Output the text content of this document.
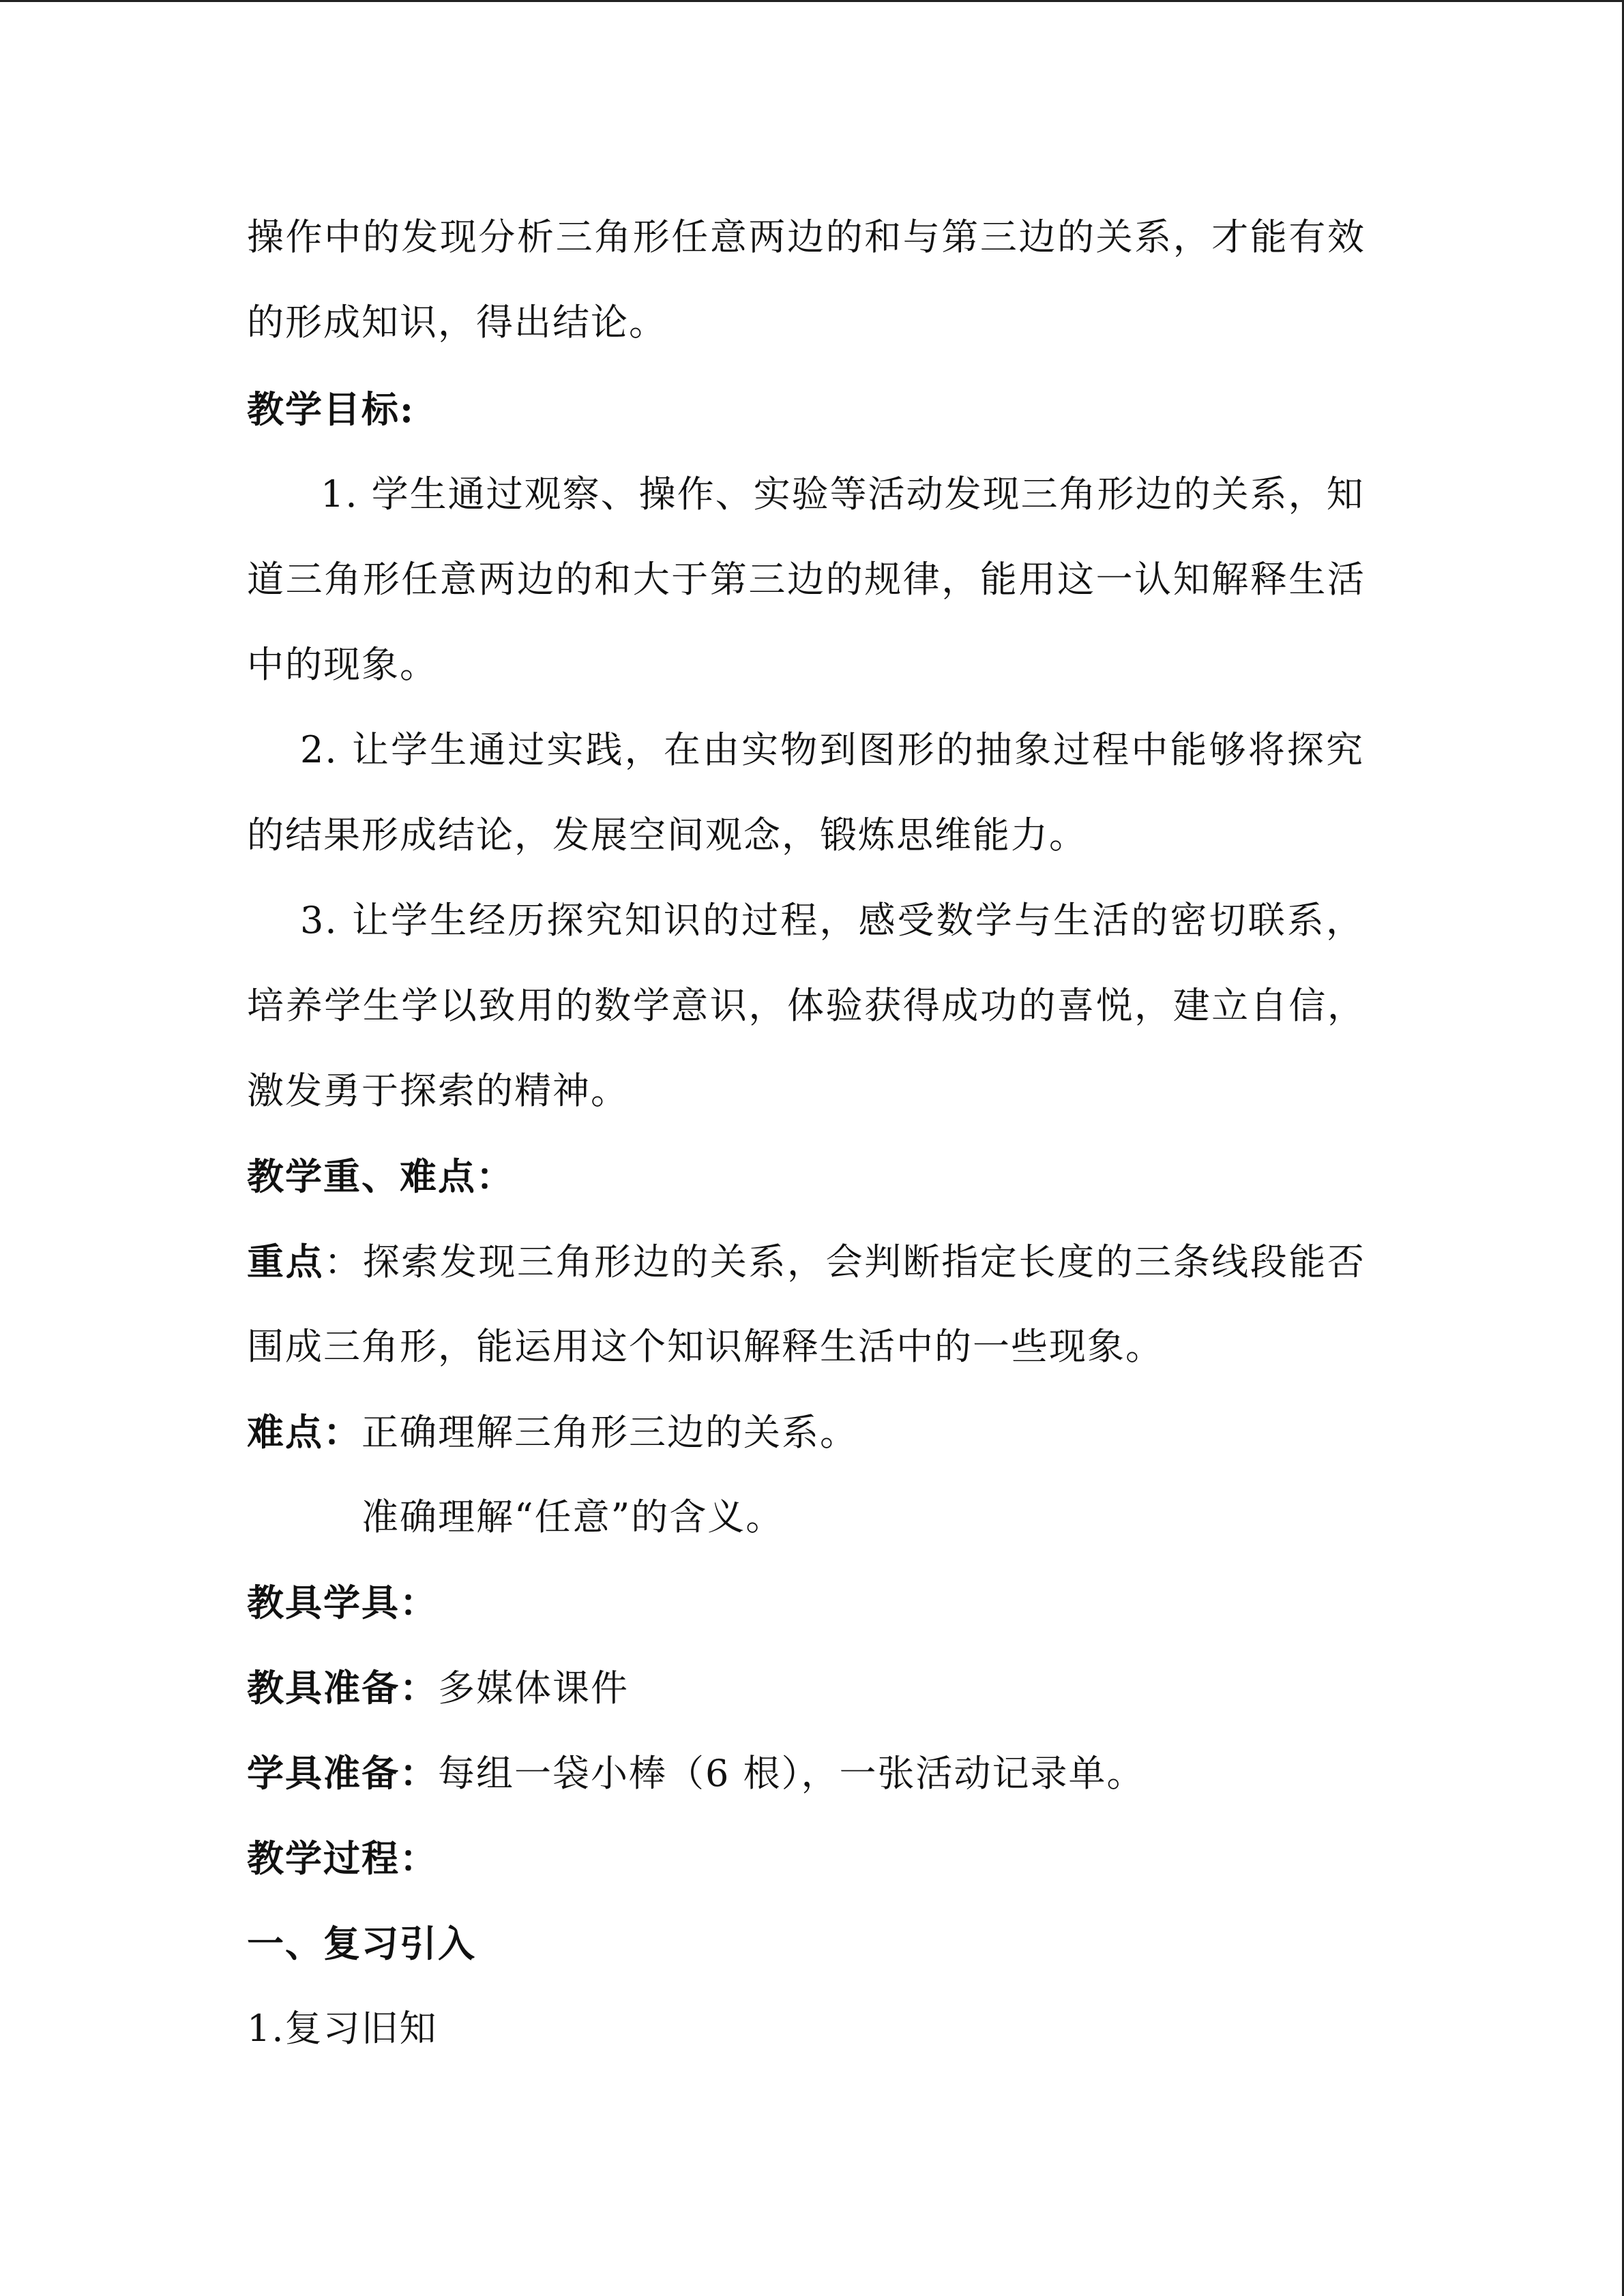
操作中的发现分析三角形任意两边的和与第三边的关系，才能有效
的形成知识，得出结论。
教学目标:
1. 学生通过观察、操作、实验等活动发现三角形边的关系，知
道三角形任意两边的和大于第三边的规律，能用这一认知解释生活
中的现象。
2. 让学生通过实践，在由实物到图形的抽象过程中能够将探究
的结果形成结论，发展空间观念，锻炼思维能力。
3. 让学生经历探究知识的过程，感受数学与生活的密切联系，
培养学生学以致用的数学意识，体验获得成功的喜悦，建立自信，
激发勇于探索的精神。
教学重、难点：
重点：探索发现三角形边的关系，会判断指定长度的三条线段能否
围成三角形，能运用这个知识解释生活中的一些现象。
难点：正确理解三角形三边的关系。
准确理解“任意”的含义。
教具学具：
教具准备：多媒体课件
学具准备：每组一袋小棒（6 根），一张活动记录单。
教学过程：
一、复习引入
1.复习旧知
